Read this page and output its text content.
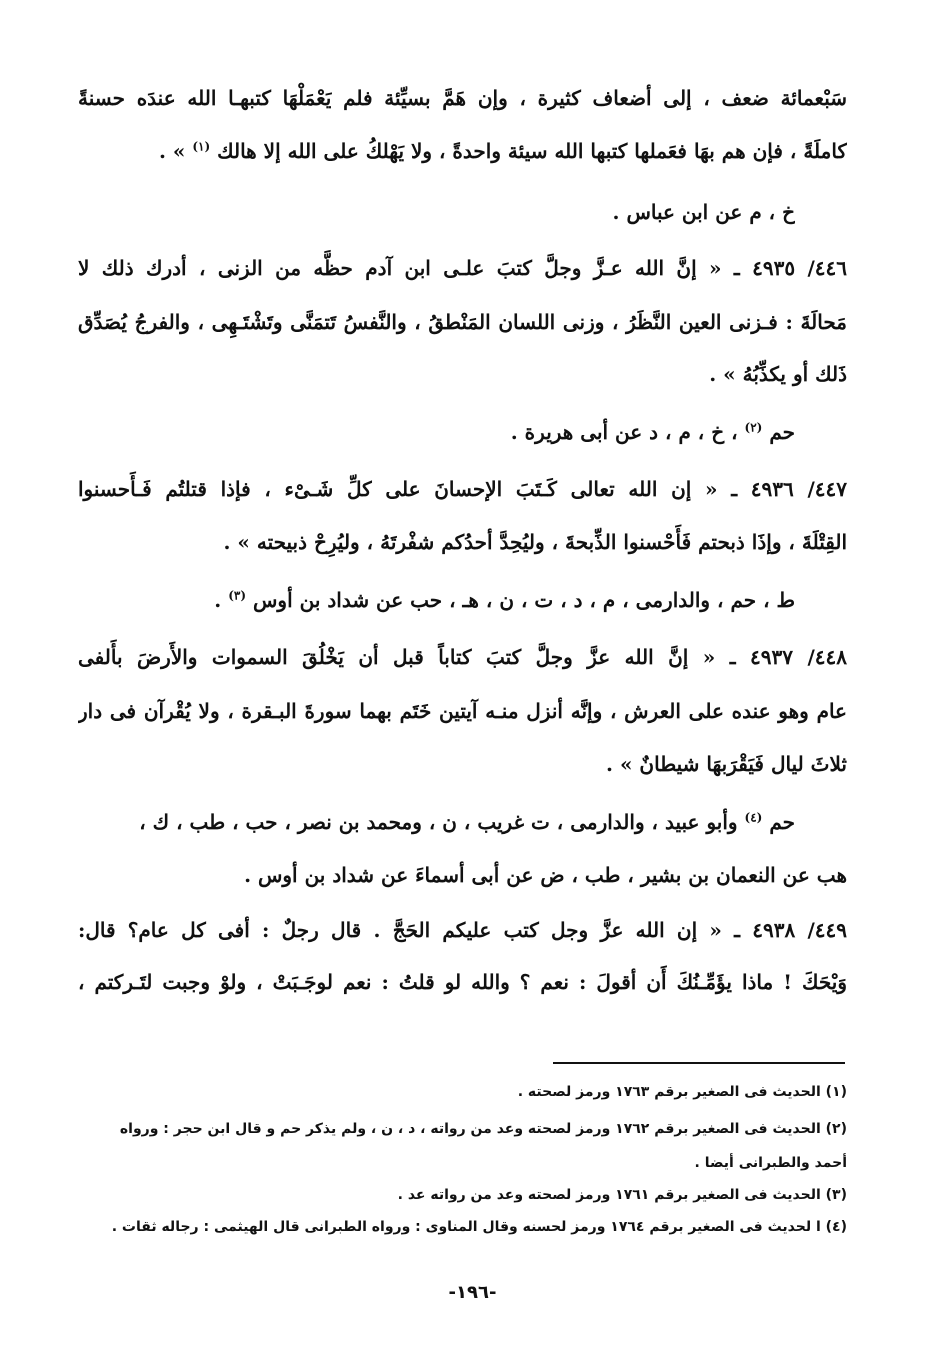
سَبْعمائة ضعف ، إلى أضعاف كثيرة ، وإن هَمَّ بسيِّئة فلم يَعْمَلْهَا كتبهـا الله عندَه حسنةً
كاملَةً ، فإن هم بهَا فعَملها كتبها الله سيئة واحدةً ، ولا يَهْلكُ على الله إلا هالك $^{(١)}$ » .
خ ، م عن ابن عباس .
٤٤٦/ ٤٩٣٥ ـ « إنَّ الله عـزَّ وجلَّ كتبَ علـى ابن آدم حظَّه من الزنى ، أدرك ذلك لا
مَحالَةَ : فـزنى العين النَّظَرُ ، وزنى اللسان المَنْطقُ ، والنَّفسُ تَتمَنَّى وتَشْتَـهِى ، والفرجُ يُصَدِّق
ذَلك أو يكذِّبُهُ » .
حم $^{(٢)}$ ، خ ، م ، د عن أبى هريرة .
٤٤٧/ ٤٩٣٦ ـ « إن الله تعالى كَـتَبَ الإحسانَ على كلِّ شَـىْء ، فإذا قتلتُم فَـأَحسنوا
القِتْلَةَ ، وإذَا ذبحتم فَأَحْسنوا الذِّبحةَ ، وليُحِدَّ أحدُكم شفْرتَهُ ، وليُرِحْ ذبيحته » .
ط ، حم ، والدارمى ، م ، د ، ت ، ن ، هـ ، حب عن شداد بن أوس $^{(٣)}$ .
٤٤٨/ ٤٩٣٧ ـ « إنَّ الله عزَّ وجلَّ كتبَ كتاباً قبل أن يَخْلُقَ السموات والأَرضَ بأَلفى
عام وهو عنده على العرش ، وإنَّه أنزل منـه آيتين خَتَم بهما سورةَ البـقرة ، ولا يُقْرآن فى دار
ثلاثَ ليال فَيَقْرَبهَا شيطانٌ » .
حم $^{(٤)}$ وأبو عبيد ، والدارمى ، ت غريب ، ن ، ومحمد بن نصر ، حب ، طب ، ك ،
هب عن النعمان بن بشير ، طب ، ض عن أبى أسماءَ عن شداد بن أوس .
٤٤٩/ ٤٩٣٨ ـ « إن الله عزَّ وجل كتب عليكم الحَجَّ . قال رجلٌ : أفى كل عام؟ قال:
وَيْحَكَ ! ماذا يؤَمِّـنُكَ أَن أقولَ : نعم ؟ والله لو قلتُ : نعم لوجَـبَتْ ، ولوْ وجبت لتَـركتم ،
(١) الحديث فى الصغير برقم ١٧٦٣ ورمز لصحته .
(٢) الحديث فى الصغير برقم ١٧٦٢ ورمز لصحته وعد من رواته ، د ، ن ، ولم يذكر حم و قال ابن حجر : ورواه
أحمد والطبرانى أيضا .
(٣) الحديث فى الصغير برقم ١٧٦١ ورمز لصحته وعد من رواته عد .
(٤) ا لحديث فى الصغير برقم ١٧٦٤ ورمز لحسنه وقال المناوى : ورواه الطبرانى قال الهيثمى : رجاله ثقات .
-١٩٦-
